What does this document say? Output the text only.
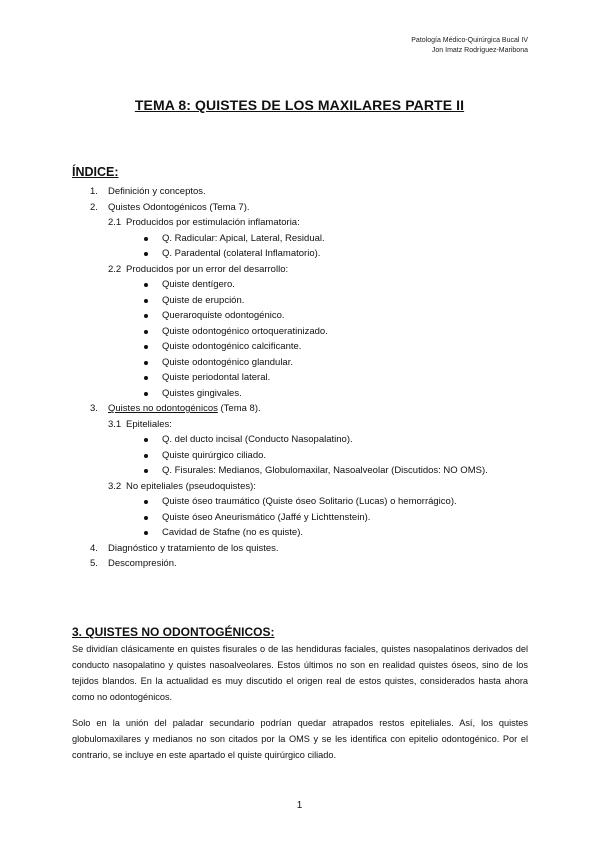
Patología Médico-Quirúrgica Bucal IV
Jon Imatz Rodríguez-Maribona
TEMA 8: QUISTES DE LOS MAXILARES PARTE II
ÍNDICE:
1. Definición y conceptos.
2. Quistes Odontogénicos (Tema 7).
2.1 Producidos por estimulación inflamatoria:
Q. Radicular: Apical, Lateral, Residual.
Q. Paradental (colateral Inflamatorio).
2.2 Producidos por un error del desarrollo:
Quiste dentígero.
Quiste de erupción.
Queraroquiste odontogénico.
Quiste odontogénico ortoqueratinizado.
Quiste odontogénico calcificante.
Quiste odontogénico glandular.
Quiste periodontal lateral.
Quistes gingivales.
3. Quistes no odontogénicos (Tema 8).
3.1 Epiteliales:
Q. del ducto incisal (Conducto Nasopalatino).
Quiste quirúrgico ciliado.
Q. Fisurales: Medianos, Globulomaxilar, Nasoalveolar (Discutidos: NO OMS).
3.2 No epiteliales (pseudoquistes):
Quiste óseo traumático (Quiste óseo Solitario (Lucas) o hemorrágico).
Quiste óseo Aneurismático (Jaffé y Lichttenstein).
Cavidad de Stafne (no es quiste).
4. Diagnóstico y tratamiento de los quistes.
5. Descompresión.
3. QUISTES NO ODONTOGÉNICOS:

Se dividían clásicamente en quistes fisurales o de las hendiduras faciales, quistes nasopalatinos derivados del conducto nasopalatino y quistes nasoalveolares. Estos últimos no son en realidad quistes óseos, sino de los tejidos blandos. En la actualidad es muy discutido el origen real de estos quistes, considerados hasta ahora como no odontogénicos.

Solo en la unión del paladar secundario podrían quedar atrapados restos epiteliales. Así, los quistes globulomaxilares y medianos no son citados por la OMS y se les identifica con epitelio odontogénico. Por el contrario, se incluye en este apartado el quiste quirúrgico ciliado.

1
